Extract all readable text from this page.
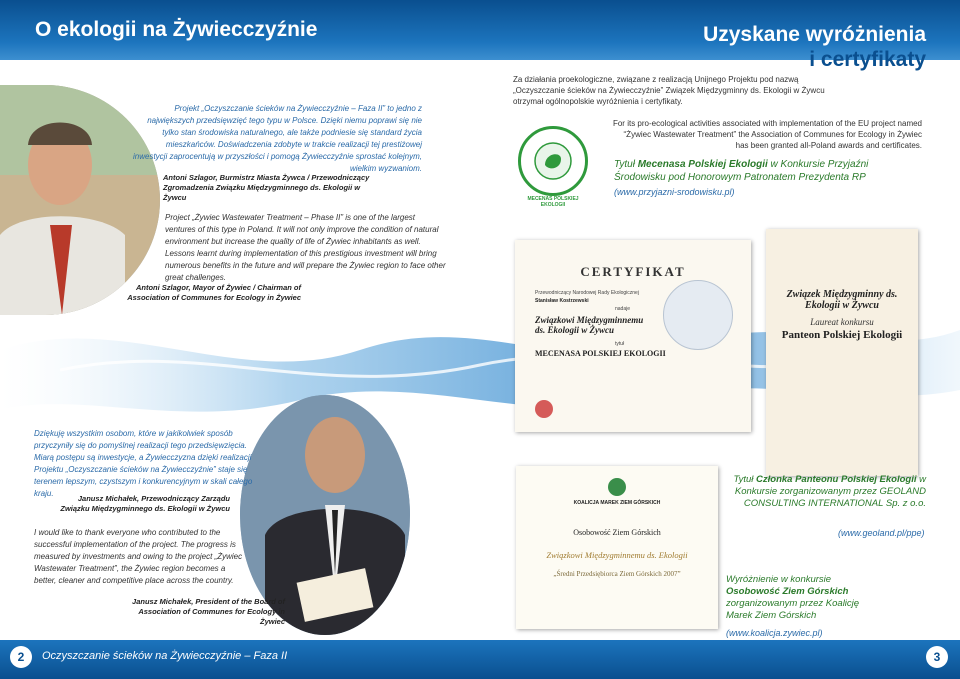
O ekologii na Żywiecczyźnie	Uzyskane wyróżnienia
i certyfikaty
Projekt „Oczyszczanie ścieków na Żywiecczyźnie – Faza II” to jedno z największych przedsięwzięć tego typu w Polsce. Dzięki niemu poprawi się nie tylko stan środowiska naturalnego, ale także podniesie się standard życia mieszkańców. Doświadczenia zdobyte w trakcie realizacji tej prestiżowej inwestycji zaprocentują w przyszłości i pomogą Żywiecczyźnie sprostać kolejnym, wielkim wyzwaniom.
Antoni Szlagor, Burmistrz Miasta Żywca / Przewodniczący Zgromadzenia Związku Międzygminnego ds. Ekologii w Żywcu
Project „Żywiec Wastewater Treatment – Phase II” is one of the largest ventures of this type in Poland. It will not only improve the condition of natural environment but increase the quality of life of Żywiec inhabitants as well. Lessons learnt during implementation of this prestigious investment will bring numerous benefits in the future and will prepare the Żywiec region to face other great challenges.
Antoni Szlagor, Mayor of Żywiec / Chairman of Association of Communes for Ecology in Żywiec
Dziękuję wszystkim osobom, które w jakikolwiek sposób przyczyniły się do pomyślnej realizacji tego przedsięwzięcia. Miarą postępu są inwestycje, a Żywiecczyzna dzięki realizacji Projektu „Oczyszczanie ścieków na Żywiecczyźnie” staje się terenem lepszym, czystszym i konkurencyjnym w skali całego kraju.
Janusz Michałek, Przewodniczący Zarządu Związku Międzygminnego ds. Ekologii w Żywcu
I would like to thank everyone who contributed to the successful implementation of the project. The progress is measured by investments and owing to the project „Żywiec Wastewater Treatment”, the Żywiec region becomes a better, cleaner and competitive place across the country.
Janusz Michałek, President of the Board of Association of Communes for Ecology in Żywiec
Za działania proekologiczne, związane z realizacją Unijnego Projektu pod nazwą „Oczyszczanie ścieków na Żywiecczyźnie” Związek Międzygminny ds. Ekologii w Żywcu otrzymał ogólnopolskie wyróżnienia i certyfikaty.
For its pro-ecological activities associated with implementation of the EU project named “Żywiec Wastewater Treatment” the Association of Communes for Ecology in Żywiec has been granted all-Poland awards and certificates.
MECENAS POLSKIEJ EKOLOGII
Tytuł Mecenasa Polskiej Ekologii w Konkursie Przyjaźni Środowisku pod Honorowym Patronatem Prezydenta RP
(www.przyjazni-srodowisku.pl)
CERTYFIKAT
Przewodniczący Narodowej Rady Ekologicznej
Stanisław Kostrzewski
nadaje
Związkowi Międzygminnemu ds. Ekologii w Żywcu
tytuł
MECENASA POLSKIEJ EKOLOGII
Związek Międzygminny ds. Ekologii w Żywcu
Laureat konkursu
Panteon Polskiej Ekologii
Tytuł Członka Panteonu Polskiej Ekologii w Konkursie zorganizowanym przez GEOLAND CONSULTING INTERNATIONAL Sp. z o.o.
(www.geoland.pl/ppe)
KOALICJA MAREK ZIEM GÓRSKICH
Osobowość Ziem Górskich
Związkowi Międzygminnemu ds. Ekologii
„Średni Przedsiębiorca Ziem Górskich 2007”	Wyróżnienie w konkursie Osobowość Ziem Górskich zorganizowanym przez Koalicję Marek Ziem Górskich
(www.koalicja.zywiec.pl)
2	Oczyszczanie ścieków na Żywiecczyźnie – Faza II	3
